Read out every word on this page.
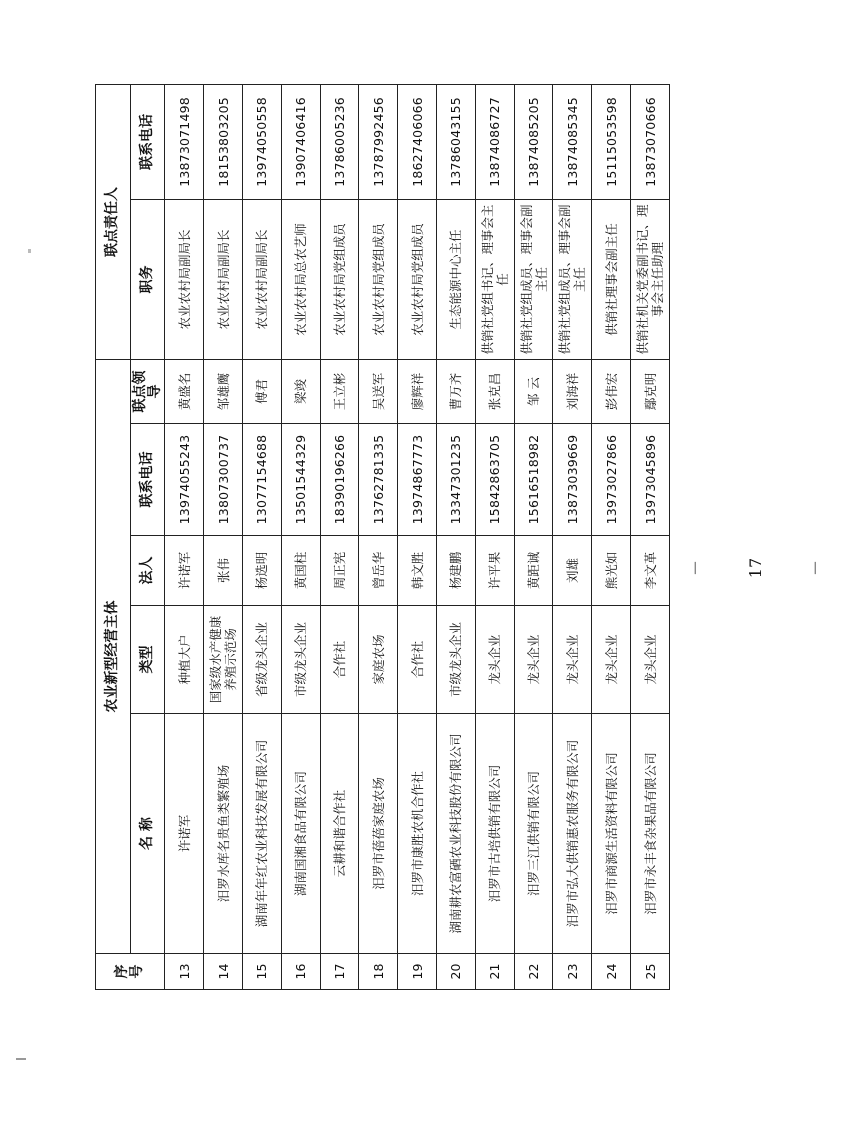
序号	农业新型经营主体					联点责任人	
	名 称	类型	法人	联系电话	联点领导	职务	联系电话
13	许诺军	种植大户	许诺军	13974055243	黄盛名	农业农村局副局长	13873071498
14	汨罗水库名贵鱼类繁殖场	国家级水产健康养殖示范场	张伟	13807300737	邹雄鹰	农业农村局副局长	18153803205
15	湖南年年红农业科技发展有限公司	省级龙头企业	杨选明	13077154688	傅君	农业农村局副局长	13974050558
16	湖南国湘食品有限公司	市级龙头企业	黄国柱	13501544329	梁竣	农业农村局总农艺师	13907406416
17	云耕和谐合作社	合作社	周正宪	18390196266	王立彬	农业农村局党组成员	13786005236
18	汨罗市蓓蓓家庭农场	家庭农场	曾岳华	13762781335	吴送军	农业农村局党组成员	13787992456
19	汨罗市康胜农机合作社	合作社	韩文胜	13974867773	廖辉祥	农业农村局党组成员	18627406066
20	湖南耕农富硒农业科技股份有限公司	市级龙头企业	杨建鹏	13347301235	曹万齐	生态能源中心主任	13786043155
21	汨罗市古培供销有限公司	龙头企业	许平果	15842863705	张克昌	供销社党组书记、理事会主任	13874086727
22	汨罗三江供销有限公司	龙头企业	黄距诚	15616518982	邹 云	供销社党组成员、理事会副主任	13874085205
23	汨罗市弘大供销惠农服务有限公司	龙头企业	刘雄	13873039669	刘海祥	供销社党组成员、理事会副主任	13874085345
24	汨罗市商源生活资料有限公司	龙头企业	熊光如	13973027866	彭伟宏	供销社理事会副主任	15115053598
25	汨罗市永丰食杂果品有限公司	龙头企业	李文革	13973045896	鄢克明	供销社机关党委副书记、理事会主任助理	13873070666
－ 17 －
